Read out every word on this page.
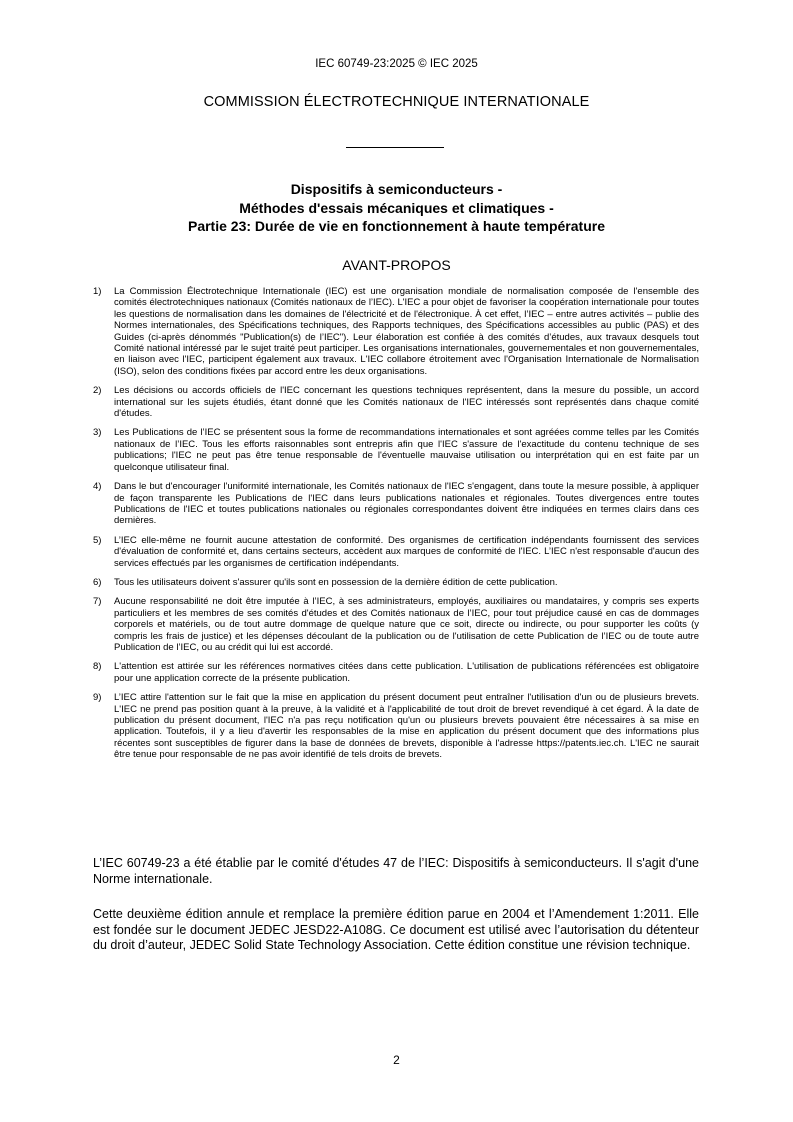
IEC 60749-23:2025 © IEC 2025
COMMISSION ÉLECTROTECHNIQUE INTERNATIONALE
Dispositifs à semiconducteurs -
Méthodes d'essais mécaniques et climatiques -
Partie 23: Durée de vie en fonctionnement à haute température
AVANT-PROPOS
1)	La Commission Électrotechnique Internationale (IEC) est une organisation mondiale de normalisation composée de l'ensemble des comités électrotechniques nationaux (Comités nationaux de l’IEC). L'IEC a pour objet de favoriser la coopération internationale pour toutes les questions de normalisation dans les domaines de l'électricité et de l'électronique. À cet effet, l’IEC – entre autres activités – publie des Normes internationales, des Spécifications techniques, des Rapports techniques, des Spécifications accessibles au public (PAS) et des Guides (ci-après dénommés "Publication(s) de l’IEC"). Leur élaboration est confiée à des comités d’études, aux travaux desquels tout Comité national intéressé par le sujet traité peut participer. Les organisations internationales, gouvernementales et non gouvernementales, en liaison avec l'IEC, participent également aux travaux. L'IEC collabore étroitement avec l'Organisation Internationale de Normalisation (ISO), selon des conditions fixées par accord entre les deux organisations.
2)	Les décisions ou accords officiels de l'IEC concernant les questions techniques représentent, dans la mesure du possible, un accord international sur les sujets étudiés, étant donné que les Comités nationaux de l'IEC intéressés sont représentés dans chaque comité d'études.
3)	Les Publications de l’IEC se présentent sous la forme de recommandations internationales et sont agréées comme telles par les Comités nationaux de l’IEC. Tous les efforts raisonnables sont entrepris afin que l'IEC s'assure de l'exactitude du contenu technique de ses publications; l'IEC ne peut pas être tenue responsable de l'éventuelle mauvaise utilisation ou interprétation qui en est faite par un quelconque utilisateur final.
4)	Dans le but d'encourager l'uniformité internationale, les Comités nationaux de l'IEC s'engagent, dans toute la mesure possible, à appliquer de façon transparente les Publications de l'IEC dans leurs publications nationales et régionales. Toutes divergences entre toutes Publications de l'IEC et toutes publications nationales ou régionales correspondantes doivent être indiquées en termes clairs dans ces dernières.
5)	L’IEC elle-même ne fournit aucune attestation de conformité. Des organismes de certification indépendants fournissent des services d'évaluation de conformité et, dans certains secteurs, accèdent aux marques de conformité de l'IEC. L’IEC n'est responsable d'aucun des services effectués par les organismes de certification indépendants.
6)	Tous les utilisateurs doivent s'assurer qu'ils sont en possession de la dernière édition de cette publication.
7)	Aucune responsabilité ne doit être imputée à l’IEC, à ses administrateurs, employés, auxiliaires ou mandataires, y compris ses experts particuliers et les membres de ses comités d'études et des Comités nationaux de l’IEC, pour tout préjudice causé en cas de dommages corporels et matériels, ou de tout autre dommage de quelque nature que ce soit, directe ou indirecte, ou pour supporter les coûts (y compris les frais de justice) et les dépenses découlant de la publication ou de l'utilisation de cette Publication de l’IEC ou de toute autre Publication de l’IEC, ou au crédit qui lui est accordé.
8)	L'attention est attirée sur les références normatives citées dans cette publication. L'utilisation de publications référencées est obligatoire pour une application correcte de la présente publication.
9)	L’IEC attire l'attention sur le fait que la mise en application du présent document peut entraîner l'utilisation d'un ou de plusieurs brevets. L'IEC ne prend pas position quant à la preuve, à la validité et à l'applicabilité de tout droit de brevet revendiqué à cet égard. À la date de publication du présent document, l'IEC n'a pas reçu notification qu'un ou plusieurs brevets pouvaient être nécessaires à sa mise en application. Toutefois, il y a lieu d'avertir les responsables de la mise en application du présent document que des informations plus récentes sont susceptibles de figurer dans la base de données de brevets, disponible à l'adresse https://patents.iec.ch. L'IEC ne saurait être tenue pour responsable de ne pas avoir identifié de tels droits de brevets.

L’IEC 60749-23 a été établie par le comité d'études 47 de l’IEC: Dispositifs à semiconducteurs. Il s'agit d'une Norme internationale.

Cette deuxième édition annule et remplace la première édition parue en 2004 et l’Amendement 1:2011. Elle est fondée sur le document JEDEC JESD22-A108G. Ce document est utilisé avec l’autorisation du détenteur du droit d’auteur, JEDEC Solid State Technology Association. Cette édition constitue une révision technique.

2
